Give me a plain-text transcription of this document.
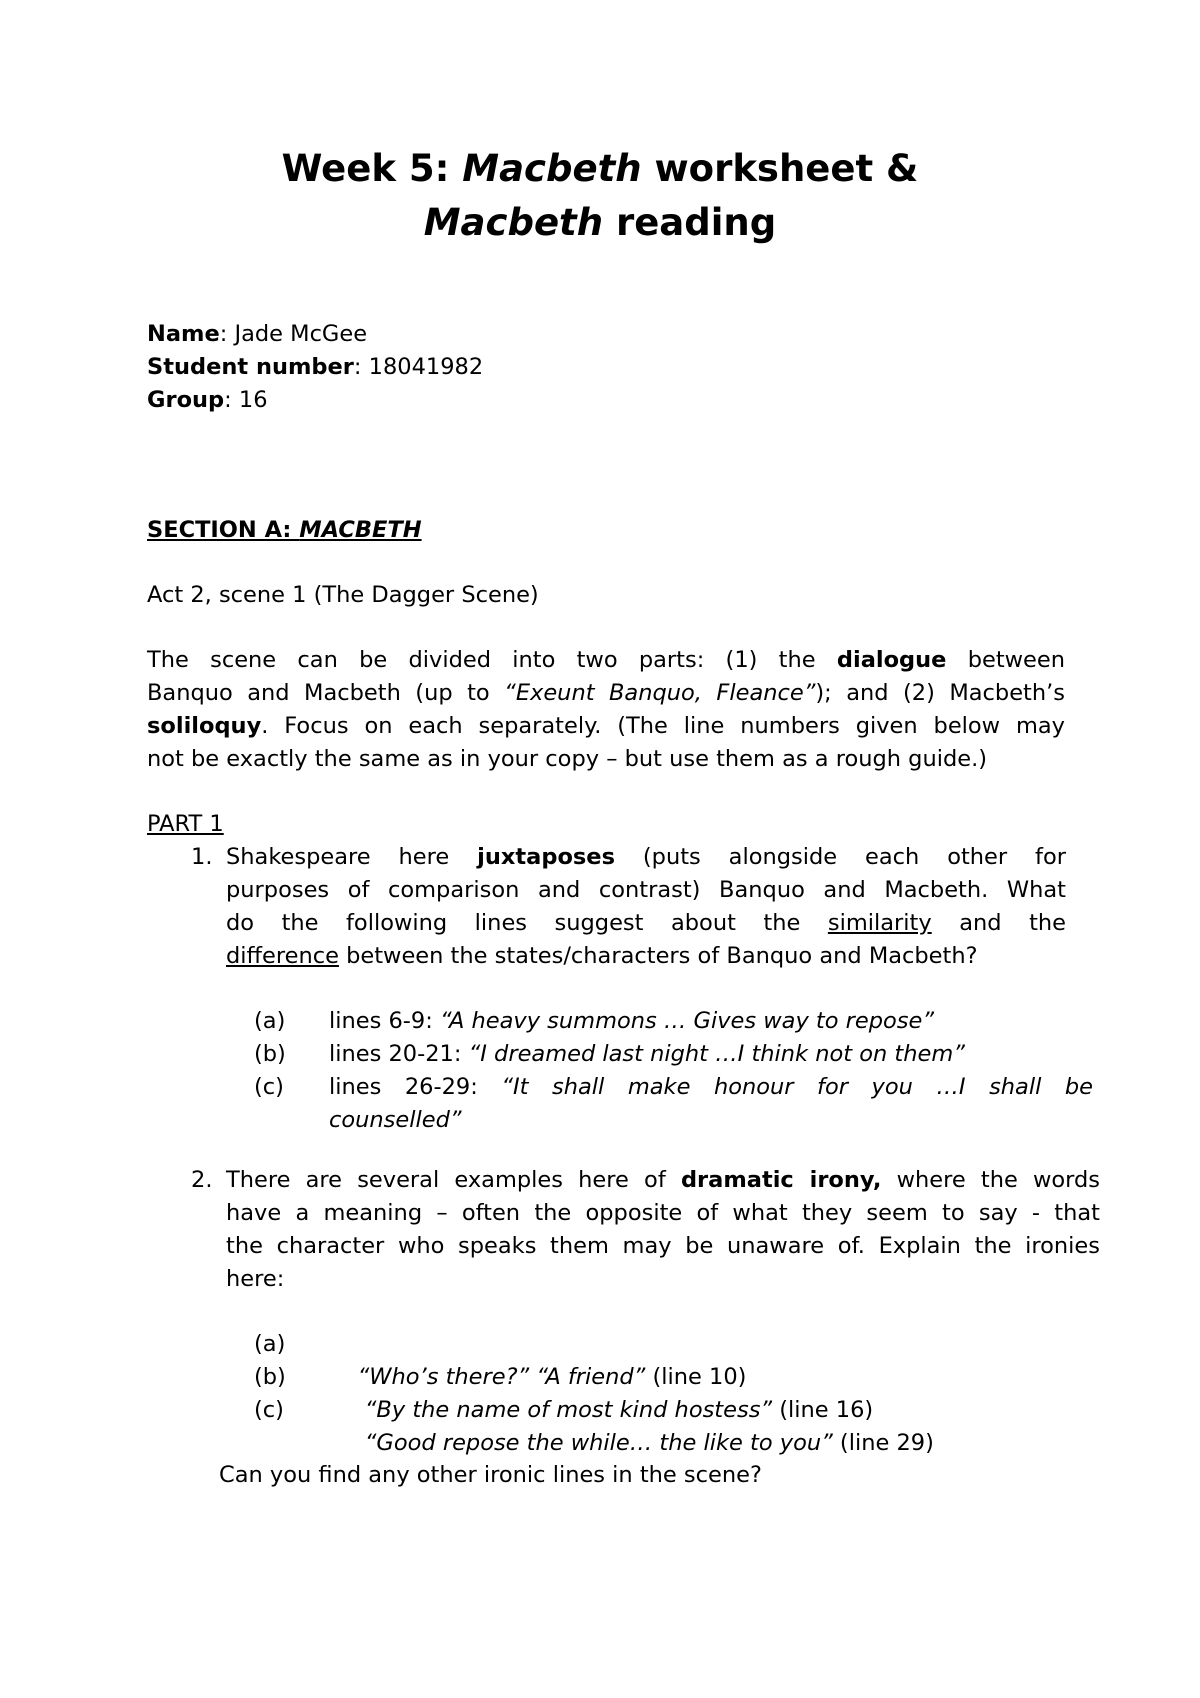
Week 5: Macbeth worksheet &
Macbeth reading
Name: Jade McGee
Student number: 18041982
Group: 16
SECTION A: MACBETH
Act 2, scene 1 (The Dagger Scene)
The scene can be divided into two parts: (1) the dialogue between
Banquo and Macbeth (up to “Exeunt Banquo, Fleance”); and (2) Macbeth’s
soliloquy. Focus on each separately. (The line numbers given below may
not be exactly the same as in your copy – but use them as a rough guide.)
PART 1
1. Shakespeare here juxtaposes (puts alongside each other for
purposes of comparison and contrast) Banquo and Macbeth. What
do the following lines suggest about the similarity and the
difference between the states/characters of Banquo and Macbeth?
(a)	lines 6-9: “A heavy summons … Gives way to repose”
(b)	lines 20-21: “I dreamed last night …I think not on them”
(c)	lines 26-29: “It shall make honour for you …I shall be
counselled”
2. There are several examples here of dramatic irony, where the words
have a meaning – often the opposite of what they seem to say - that
the character who speaks them may be unaware of. Explain the ironies
here:
(a)

“Who’s there?” “A friend” (line 10)

(b)

“By the name of most kind hostess” (line 16)

(c)

“Good repose the while… the like to you” (line 29)

Can you find any other ironic lines in the scene?
